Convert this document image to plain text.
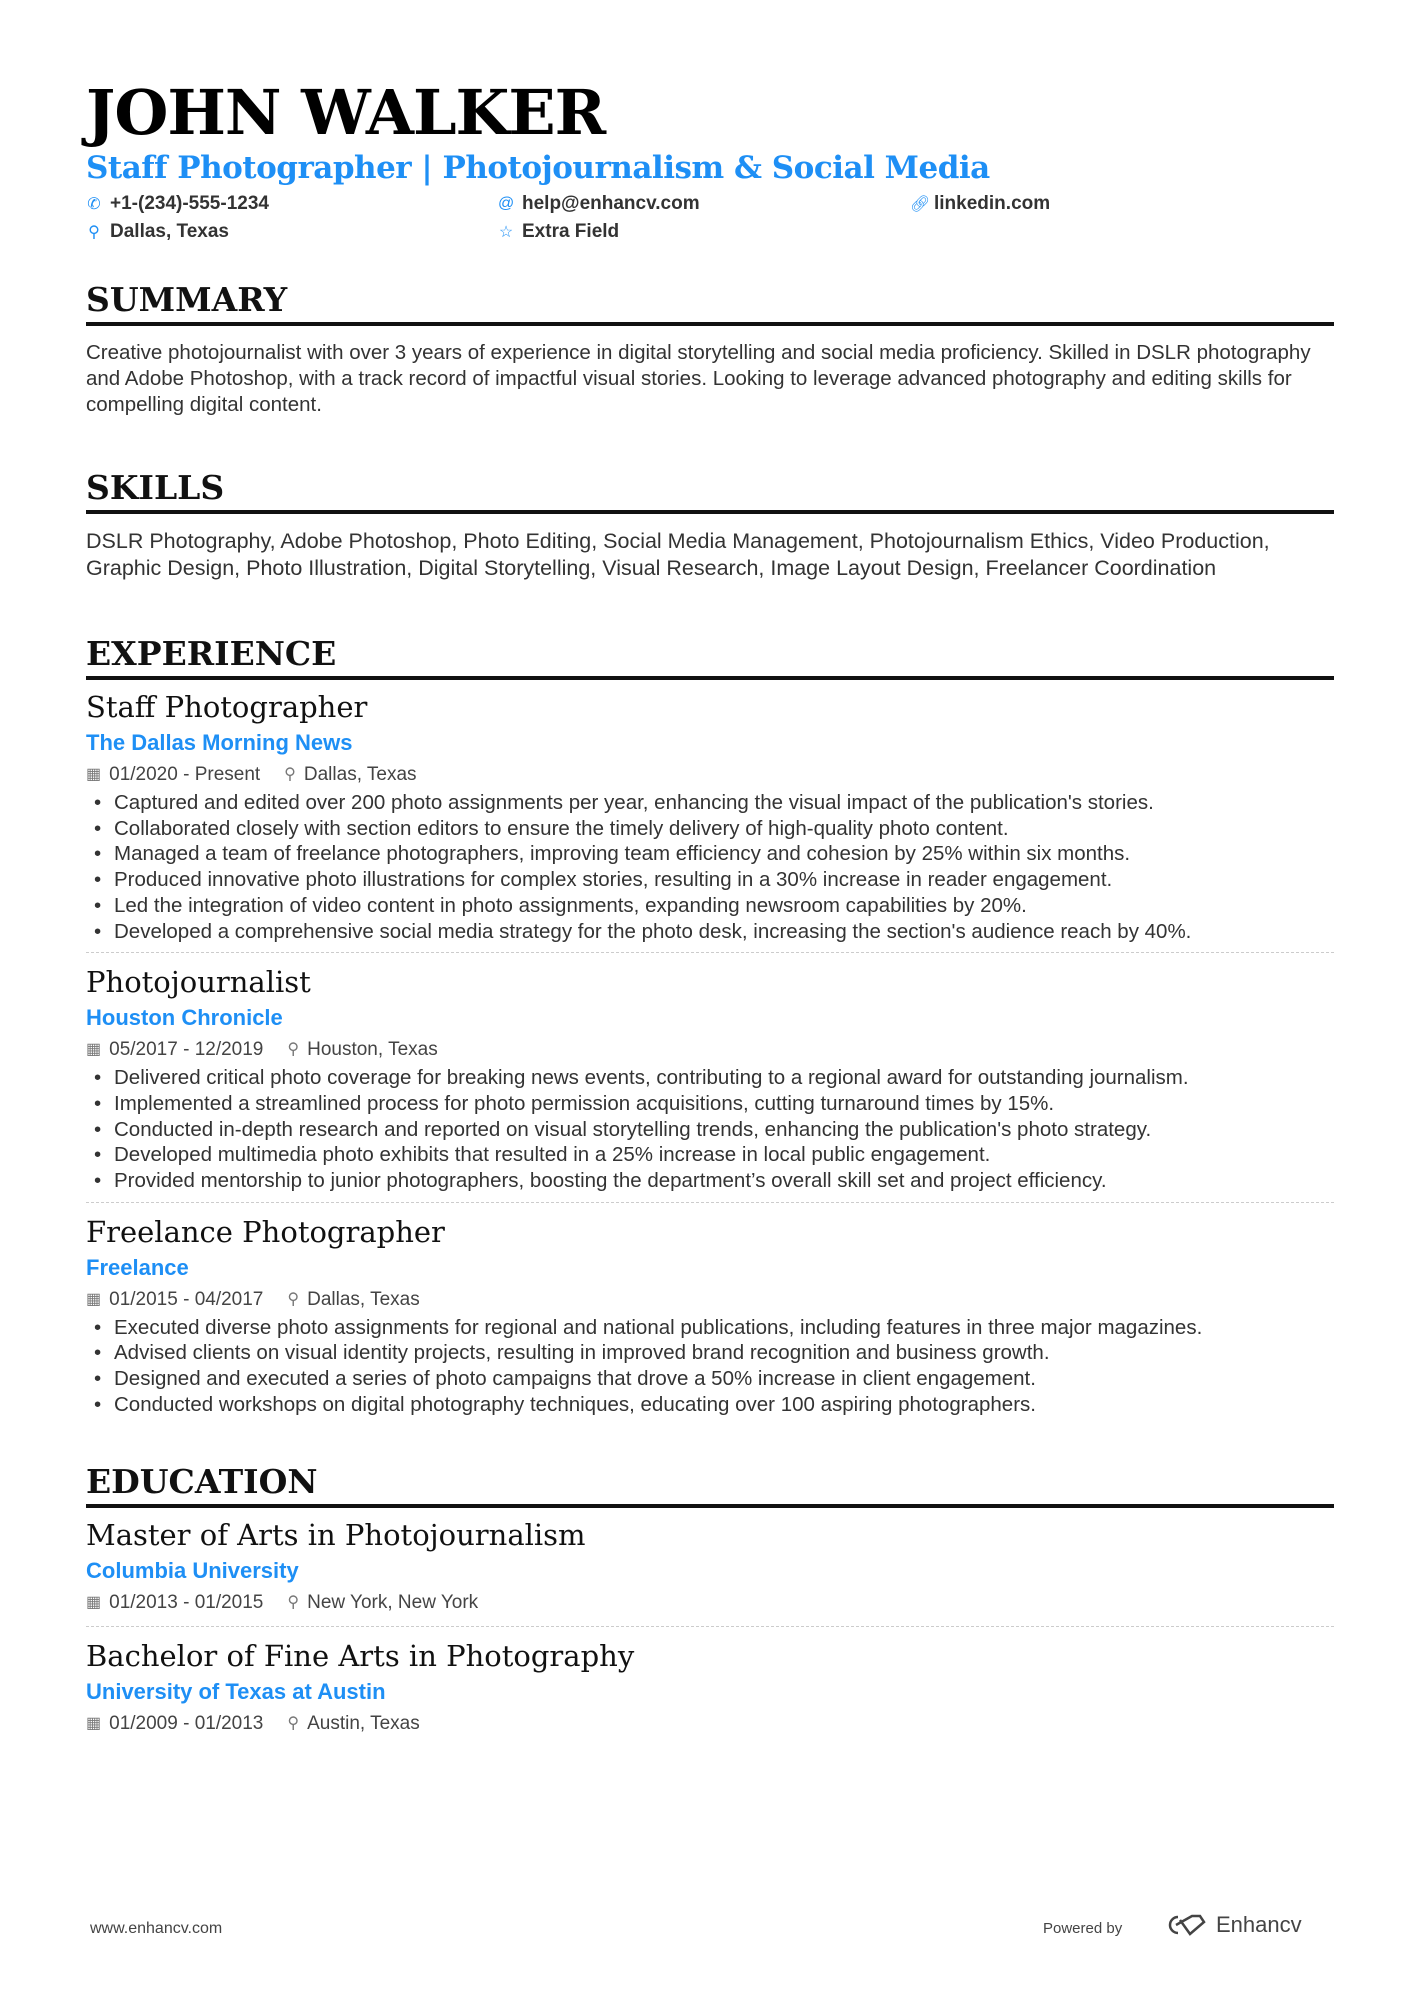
JOHN WALKER
Staff Photographer | Photojournalism & Social Media
✆ +1-(234)-555-1234	@ help@enhancv.com	🔗︎ linkedin.com
⚲ Dallas, Texas	☆ Extra Field
SUMMARY
Creative photojournalist with over 3 years of experience in digital storytelling and social media proficiency. Skilled in DSLR photography and Adobe Photoshop, with a track record of impactful visual stories. Looking to leverage advanced photography and editing skills for compelling digital content.
SKILLS
DSLR Photography, Adobe Photoshop, Photo Editing, Social Media Management, Photojournalism Ethics, Video Production, Graphic Design, Photo Illustration, Digital Storytelling, Visual Research, Image Layout Design, Freelancer Coordination
EXPERIENCE
Staff Photographer
The Dallas Morning News
▦ 01/2020 - Present ⚲ Dallas, Texas
• Captured and edited over 200 photo assignments per year, enhancing the visual impact of the publication's stories.
• Collaborated closely with section editors to ensure the timely delivery of high-quality photo content.
• Managed a team of freelance photographers, improving team efficiency and cohesion by 25% within six months.
• Produced innovative photo illustrations for complex stories, resulting in a 30% increase in reader engagement.
• Led the integration of video content in photo assignments, expanding newsroom capabilities by 20%.
• Developed a comprehensive social media strategy for the photo desk, increasing the section's audience reach by 40%.
Photojournalist
Houston Chronicle
▦ 05/2017 - 12/2019 ⚲ Houston, Texas
• Delivered critical photo coverage for breaking news events, contributing to a regional award for outstanding journalism.
• Implemented a streamlined process for photo permission acquisitions, cutting turnaround times by 15%.
• Conducted in-depth research and reported on visual storytelling trends, enhancing the publication's photo strategy.
• Developed multimedia photo exhibits that resulted in a 25% increase in local public engagement.
• Provided mentorship to junior photographers, boosting the department’s overall skill set and project efficiency.
Freelance Photographer
Freelance
▦ 01/2015 - 04/2017 ⚲ Dallas, Texas
• Executed diverse photo assignments for regional and national publications, including features in three major magazines.
• Advised clients on visual identity projects, resulting in improved brand recognition and business growth.
• Designed and executed a series of photo campaigns that drove a 50% increase in client engagement.
• Conducted workshops on digital photography techniques, educating over 100 aspiring photographers.
EDUCATION
Master of Arts in Photojournalism
Columbia University
▦ 01/2013 - 01/2015 ⚲ New York, New York
Bachelor of Fine Arts in Photography
University of Texas at Austin
▦ 01/2009 - 01/2013 ⚲ Austin, Texas
www.enhancv.com	Powered by	Enhancv
